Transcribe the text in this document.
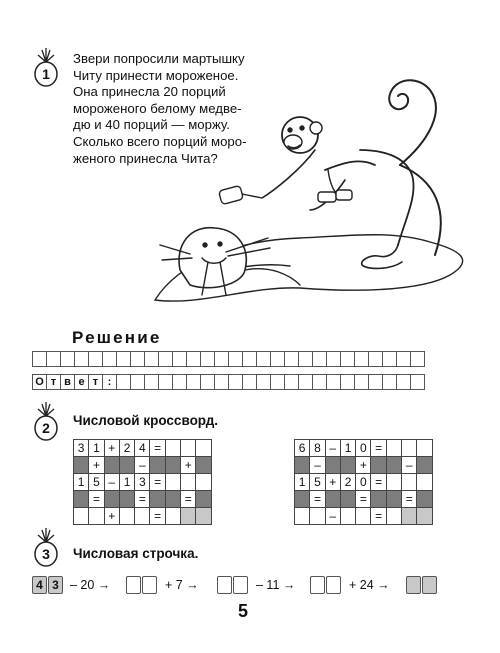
1
Звери попросили мартышку
Читу принести мороженое.
Она принесла 20 порций
мороженого белому медве-
дю и 40 порций — моржу.
Сколько всего порций моро-
женого принесла Чита?
Решение
О т в е т :
2	Числовой кроссворд.
3	1	+	2	4	=			
	+			–			+	
1	5	–	1	3	=			
	=			=			=	
		+			=			
6	8	–	1	0	=			
	–			+			–	
1	5	+	2	0	=			
	=			=			=	
		–			=			
3	Числовая строчка.
4 3 – 20 →	+ 7 →	– 11 →	+ 24 →
5
